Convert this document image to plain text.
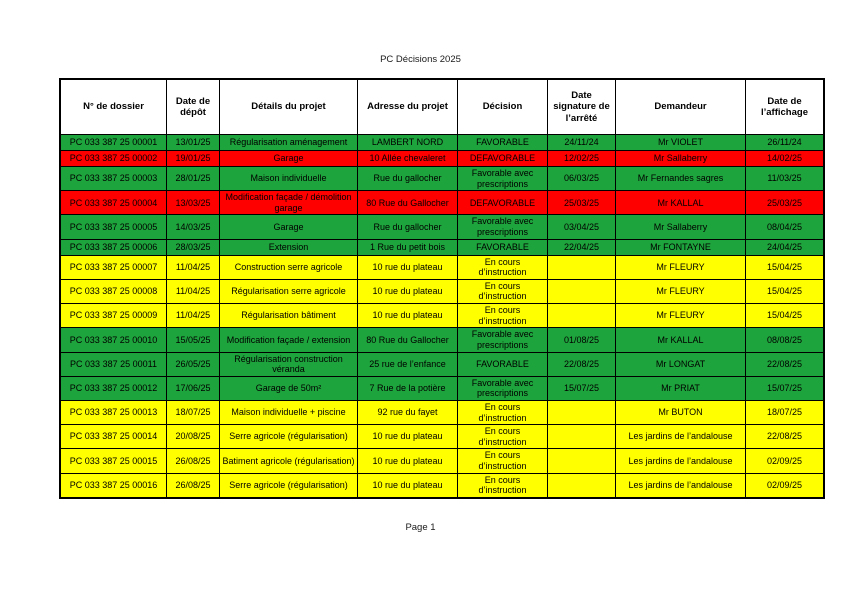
PC Décisions 2025
N° de dossier	Date de dépôt	Détails du projet	Adresse du projet	Décision	Date signature de l’arrêté	Demandeur	Date de l’affichage
PC 033 387 25 00001	13/01/25	Régularisation aménagement	LAMBERT NORD	FAVORABLE	24/11/24	Mr VIOLET	26/11/24
PC 033 387 25 00002	19/01/25	Garage	10 Allée chevaleret	DEFAVORABLE	12/02/25	Mr Sallaberry	14/02/25
PC 033 387 25 00003	28/01/25	Maison individuelle	Rue du gallocher	Favorable avec prescriptions	06/03/25	Mr Fernandes sagres	11/03/25
PC 033 387 25 00004	13/03/25	Modification façade / démolition garage	80 Rue du Gallocher	DEFAVORABLE	25/03/25	Mr KALLAL	25/03/25
PC 033 387 25 00005	14/03/25	Garage	Rue du gallocher	Favorable avec prescriptions	03/04/25	Mr Sallaberry	08/04/25
PC 033 387 25 00006	28/03/25	Extension	1 Rue du petit bois	FAVORABLE	22/04/25	Mr FONTAYNE	24/04/25
PC 033 387 25 00007	11/04/25	Construction serre agricole	10 rue du plateau	En cours d’instruction		Mr FLEURY	15/04/25
PC 033 387 25 00008	11/04/25	Régularisation serre agricole	10 rue du plateau	En cours d’instruction		Mr FLEURY	15/04/25
PC 033 387 25 00009	11/04/25	Régularisation bâtiment	10 rue du plateau	En cours d’instruction		Mr FLEURY	15/04/25
PC 033 387 25 00010	15/05/25	Modification façade / extension	80 Rue du Gallocher	Favorable avec prescriptions	01/08/25	Mr KALLAL	08/08/25
PC 033 387 25 00011	26/05/25	Régularisation construction véranda	25 rue de l’enfance	FAVORABLE	22/08/25	Mr LONGAT	22/08/25
PC 033 387 25 00012	17/06/25	Garage de 50m²	7 Rue de la potière	Favorable avec prescriptions	15/07/25	Mr PRIAT	15/07/25
PC 033 387 25 00013	18/07/25	Maison individuelle + piscine	92 rue du fayet	En cours d’instruction		Mr BUTON	18/07/25
PC 033 387 25 00014	20/08/25	Serre agricole (régularisation)	10 rue du plateau	En cours d’instruction		Les jardins de l’andalouse	22/08/25
PC 033 387 25 00015	26/08/25	Batiment agricole (régularisation)	10 rue du plateau	En cours d’instruction		Les jardins de l’andalouse	02/09/25
PC 033 387 25 00016	26/08/25	Serre agricole (régularisation)	10 rue du plateau	En cours d’instruction		Les jardins de l’andalouse	02/09/25
Page 1
